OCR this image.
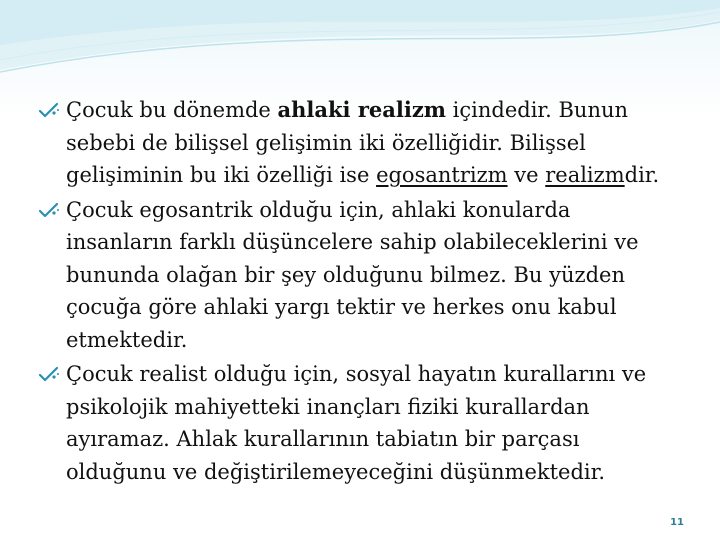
Çocuk bu dönemde ahlaki realizm içindedir. Bunun sebebi de bilişsel gelişimin iki özelliğidir. Bilişsel gelişiminin bu iki özelliği ise egosantrizm ve realizmdir.

Çocuk egosantrik olduğu için, ahlaki konularda insanların farklı düşüncelere sahip olabileceklerini ve bununda olağan bir şey olduğunu bilmez. Bu yüzden çocuğa göre ahlaki yargı tektir ve herkes onu kabul etmektedir.

Çocuk realist olduğu için, sosyal hayatın kurallarını ve psikolojik mahiyetteki inançları fiziki kurallardan ayıramaz. Ahlak kurallarının tabiatın bir parçası olduğunu ve değiştirilemeyeceğini düşünmektedir.

11
